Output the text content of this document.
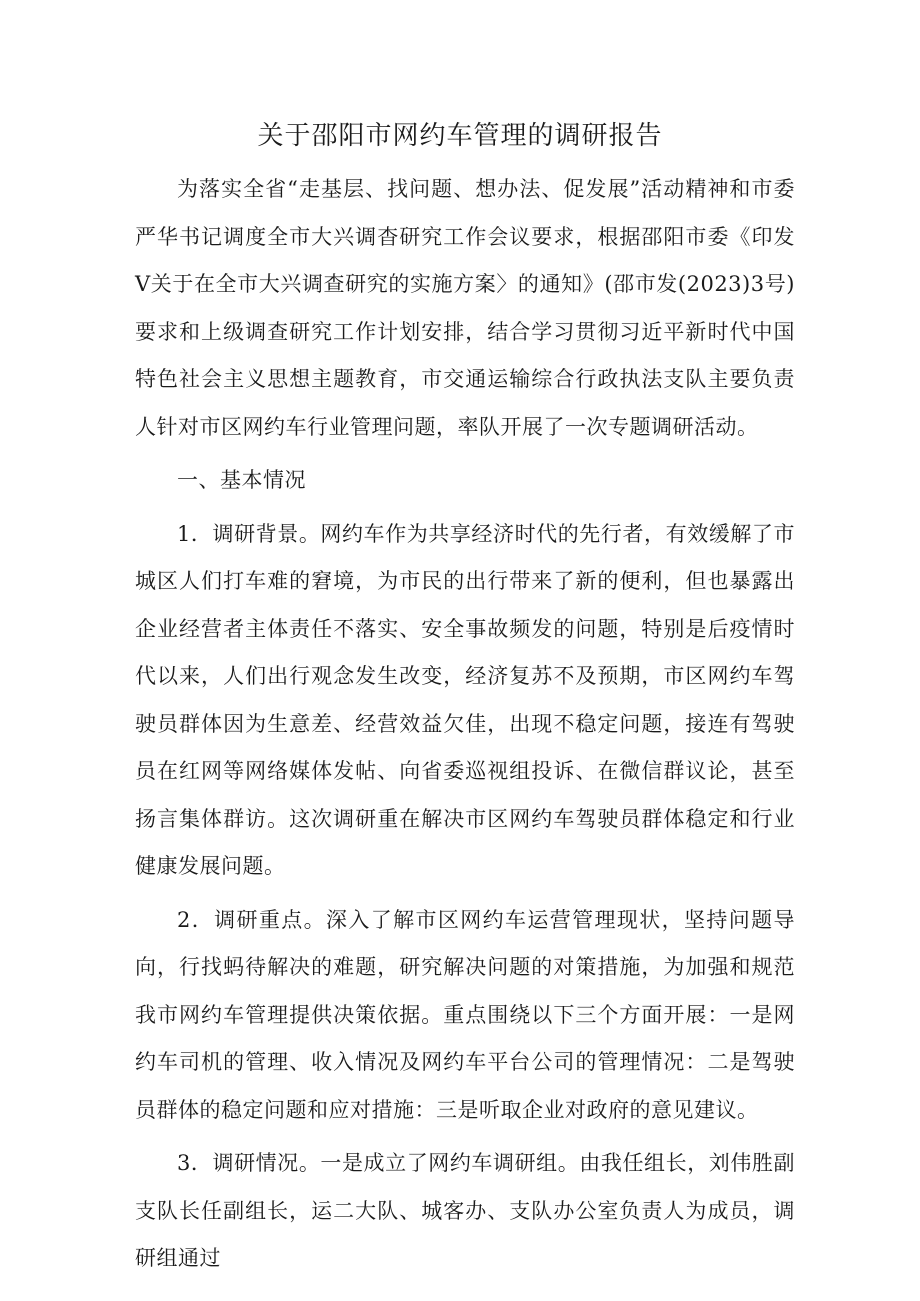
关于邵阳市网约车管理的调研报告

为落实全省“走基层、找问题、想办法、促发展”活动精神和市委严华书记调度全市大兴调杳研究工作会议要求，根据邵阳市委《印发V关于在全市大兴调查研究的实施方案〉的通知》(邵市发(2023)3号)要求和上级调查研究工作计划安排，结合学习贯彻习近平新时代中国特色社会主义思想主题教育，市交通运输综合行政执法支队主要负责人针对市区网约车行业管理问题，率队开展了一次专题调研活动。

一、基本情况

1．调研背景。网约车作为共享经济时代的先行者，有效缓解了市城区人们打车难的窘境，为市民的出行带来了新的便利，但也暴露出企业经营者主体责任不落实、安全事故频发的问题，特别是后疫情时代以来，人们出行观念发生改变，经济复苏不及预期，市区网约车驾驶员群体因为生意差、经营效益欠佳，出现不稳定问题，接连有驾驶员在红网等网络媒体发帖、向省委巡视组投诉、在微信群议论，甚至扬言集体群访。这次调研重在解决市区网约车驾驶员群体稳定和行业健康发展问题。

2．调研重点。深入了解市区网约车运营管理现状，坚持问题导向，行找蚂待解决的难题，研究解决问题的对策措施，为加强和规范我市网约车管理提供决策依据。重点围绕以下三个方面开展：一是网约车司机的管理、收入情况及网约车平台公司的管理情况：二是驾驶员群体的稳定问题和应对措施：三是听取企业对政府的意见建议。

3．调研情况。一是成立了网约车调研组。由我任组长，刘伟胜副支队长任副组长，运二大队、城客办、支队办公室负责人为成员，调研组通过
